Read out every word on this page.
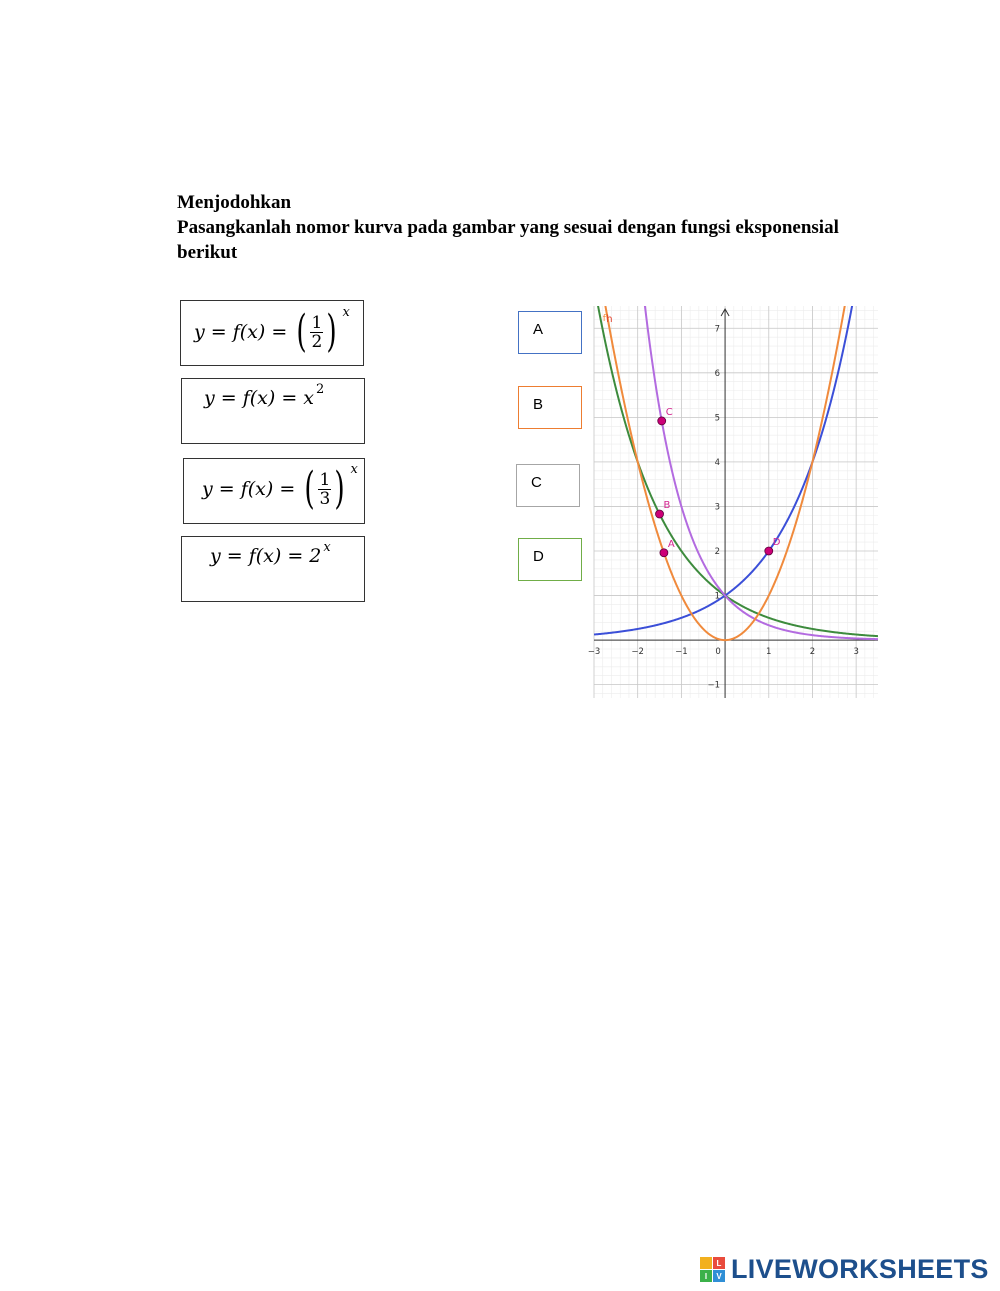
Menjodohkan
Pasangkanlah nomor kurva pada gambar yang sesuai dengan fungsi eksponensial
berikut
y = f(x) = ( $\frac{1}{2}$ ) x
y = f(x) = x 2
y = f(x) = ( $\frac{1}{3}$ ) x
y = f(x) = 2 x
A
B
C
D
−3	−2	−1	0	1	2	3
−1
1
2
3
4
5
6
7
f h
A
B
C
D
L
I	V LIVEWORKSHEETS
